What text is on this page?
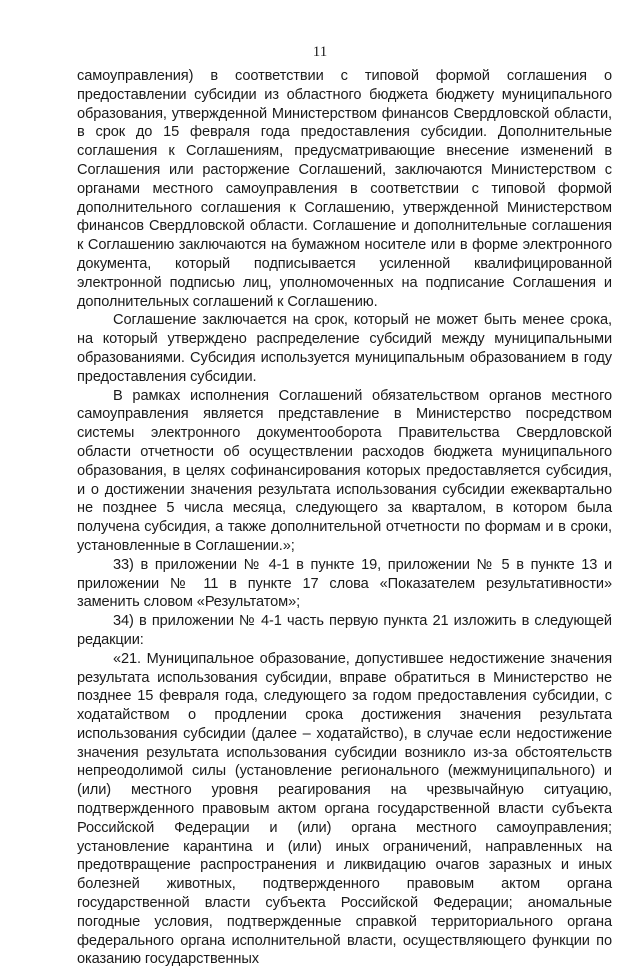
11

самоуправления) в соответствии с типовой формой соглашения о предоставлении субсидии из областного бюджета бюджету муниципального образования, утвержденной Министерством финансов Свердловской области, в срок до 15 февраля года предоставления субсидии. Дополнительные соглашения к Соглашениям, предусматривающие внесение изменений в Соглашения или расторжение Соглашений, заключаются Министерством с органами местного самоуправления в соответствии с типовой формой дополнительного соглашения к Соглашению, утвержденной Министерством финансов Свердловской области. Соглашение и дополнительные соглашения к Соглашению заключаются на бумажном носителе или в форме электронного документа, который подписывается усиленной квалифицированной электронной подписью лиц, уполномоченных на подписание Соглашения и дополнительных соглашений к Соглашению.

Соглашение заключается на срок, который не может быть менее срока, на который утверждено распределение субсидий между муниципальными образованиями. Субсидия используется муниципальным образованием в году предоставления субсидии.

В рамках исполнения Соглашений обязательством органов местного самоуправления является представление в Министерство посредством системы электронного документооборота Правительства Свердловской области отчетности об осуществлении расходов бюджета муниципального образования, в целях софинансирования которых предоставляется субсидия, и о достижении значения результата использования субсидии ежеквартально не позднее 5 числа месяца, следующего за кварталом, в котором была получена субсидия, а также дополнительной отчетности по формам и в сроки, установленные в Соглашении.»;

33) в приложении № 4-1 в пункте 19, приложении № 5 в пункте 13 и приложении № 11 в пункте 17 слова «Показателем результативности» заменить словом «Результатом»;

34) в приложении № 4-1 часть первую пункта 21 изложить в следующей редакции:

«21. Муниципальное образование, допустившее недостижение значения результата использования субсидии, вправе обратиться в Министерство не позднее 15 февраля года, следующего за годом предоставления субсидии, с ходатайством о продлении срока достижения значения результата использования субсидии (далее – ходатайство), в случае если недостижение значения результата использования субсидии возникло из-за обстоятельств непреодолимой силы (установление регионального (межмуниципального) и (или) местного уровня реагирования на чрезвычайную ситуацию, подтвержденного правовым актом органа государственной власти субъекта Российской Федерации и (или) органа местного самоуправления; установление карантина и (или) иных ограничений, направленных на предотвращение распространения и ликвидацию очагов заразных и иных болезней животных, подтвержденного правовым актом органа государственной власти субъекта Российской Федерации; аномальные погодные условия, подтвержденные справкой территориального органа федерального органа исполнительной власти, осуществляющего функции по оказанию государственных
